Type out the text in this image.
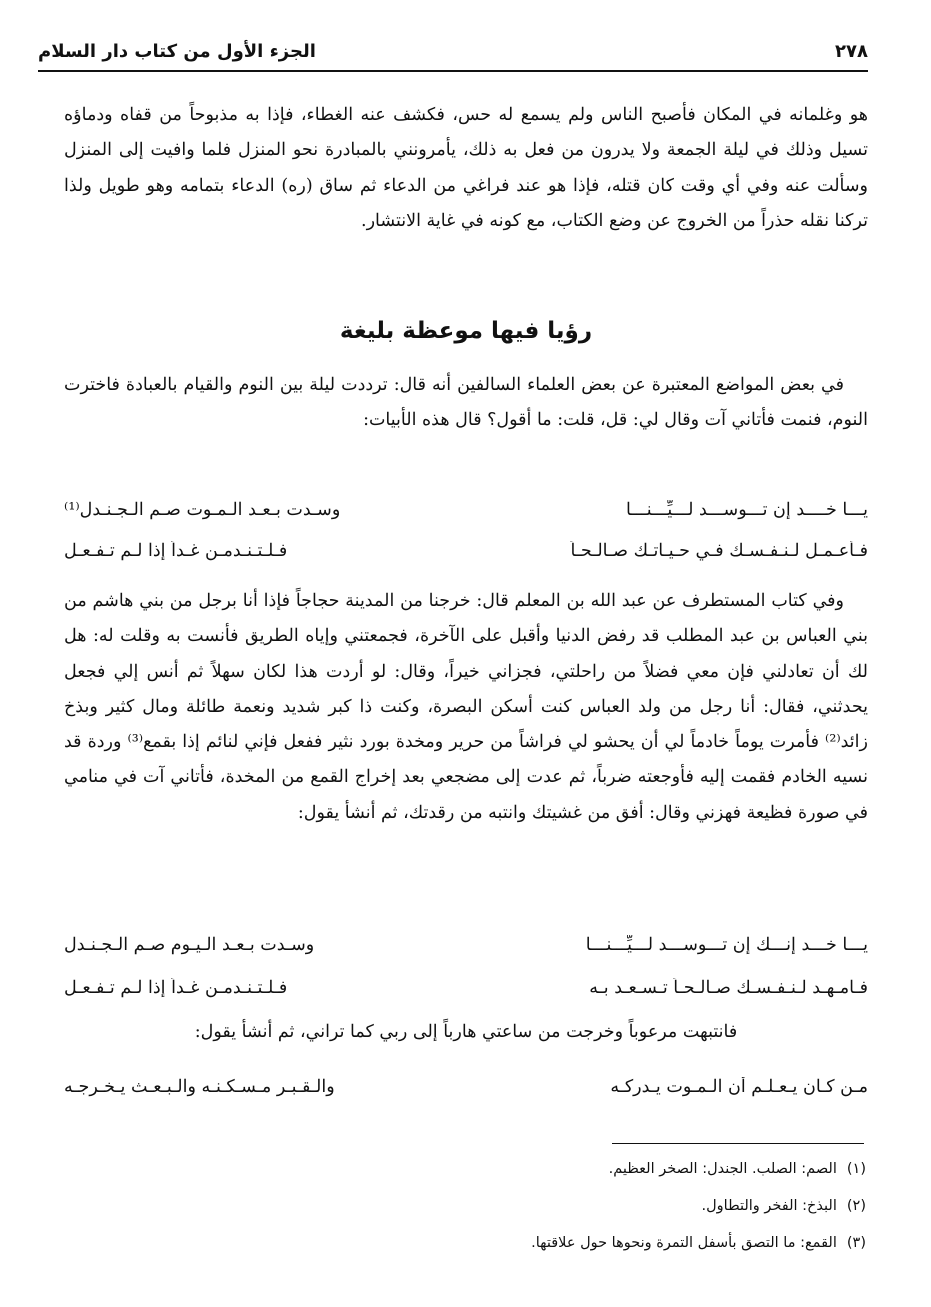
٢٧٨
الجزء الأول من كتاب دار السلام

هو وغلمانه في المكان فأصبح الناس ولم يسمع له حس، فكشف عنه الغطاء، فإذا به مذبوحاً من قفاه ودماؤه تسيل وذلك في ليلة الجمعة ولا يدرون من فعل به ذلك، يأمرونني بالمبادرة نحو المنزل فلما وافيت إلى المنزل وسألت عنه وفي أي وقت كان قتله، فإذا هو عند فراغي من الدعاء ثم ساق (ره) الدعاء بتمامه وهو طويل ولذا تركنا نقله حذراً من الخروج عن وضع الكتاب، مع كونه في غاية الانتشار.

رؤيا فيها موعظة بليغة

في بعض المواضع المعتبرة عن بعض العلماء السالفين أنه قال: ترددت ليلة بين النوم والقيام بالعبادة فاخترت النوم، فنمت فأتاني آت وقال لي: قل، قلت: ما أقول؟ قال هذه الأبيات:

يـــا خــــد إن تـــوســـد لـــيِّـــنـــا
وسـدت بـعـد الـمـوت صـم الـجـنـدل⁽¹⁾
فـأعـمـل لـنـفـسـك فـي حـيـاتـك صـالـحـاً
فـلـتـنـدمـن غـداً إذا لـم تـفـعـل

وفي كتاب المستطرف عن عبد الله بن المعلم قال: خرجنا من المدينة حجاجاً فإذا أنا برجل من بني هاشم من بني العباس بن عبد المطلب قد رفض الدنيا وأقبل على الآخرة، فجمعتني وإياه الطريق فأنست به وقلت له: هل لك أن تعادلني فإن معي فضلاً من راحلتي، فجزاني خيراً، وقال: لو أردت هذا لكان سهلاً ثم أنس إلي فجعل يحدثني، فقال: أنا رجل من ولد العباس كنت أسكن البصرة، وكنت ذا كبر شديد ونعمة طائلة ومال كثير وبذخ زائد⁽²⁾ فأمرت يوماً خادماً لي أن يحشو لي فراشاً من حرير ومخدة بورد نثير ففعل فإني لنائم إذا بقمع⁽³⁾ وردة قد نسيه الخادم فقمت إليه فأوجعته ضرباً، ثم عدت إلى مضجعي بعد إخراج القمع من المخدة، فأتاني آت في منامي في صورة فظيعة فهزني وقال: أفق من غشيتك وانتبه من رقدتك، ثم أنشأ يقول:

يـــا خـــد إنـــك إن تـــوســـد لـــيِّـــنـــا
وسـدت بـعـد الـيـوم صـم الـجـنـدل
فـامـهـد لـنـفـسـك صـالـحـاً تـسـعـد بـه
فـلـتـنـدمـن غـداً إذا لـم تـفـعـل
فانتبهت مرعوباً وخرجت من ساعتي هارباً إلى ربي كما تراني، ثم أنشأ يقول:
مـن كـان يـعـلـم أن الـمـوت يـدركـه
والـقـبـر مـسـكـنـه والـبـعـث يـخـرجـه
(١)الصم: الصلب. الجندل: الصخر العظيم.
(٢)البذخ: الفخر والتطاول.
(٣)القمع: ما التصق بأسفل التمرة ونحوها حول علاقتها.
